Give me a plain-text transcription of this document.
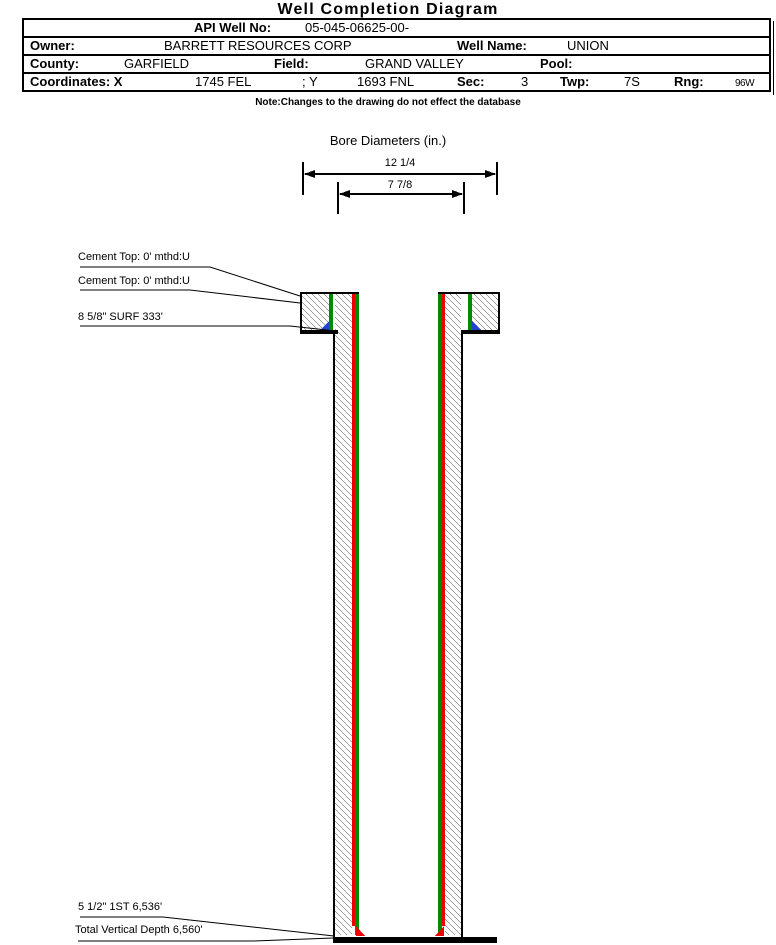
Well Completion Diagram
API Well No:	05-045-06625-00-
Owner:	BARRETT RESOURCES CORP	Well Name:	UNION
County:	GARFIELD	Field:	GRAND VALLEY	Pool:
Coordinates: X	1745 FEL	; Y	1693 FNL	Sec:	3 Twp:	7S	Rng:	96W
Note:Changes to the drawing do not effect the database
Bore Diameters (in.)
12 1/4
7 7/8
Cement Top: 0' mthd:U
Cement Top: 0' mthd:U
8 5/8" SURF 333'
5 1/2" 1ST 6,536'
Total Vertical Depth 6,560'
